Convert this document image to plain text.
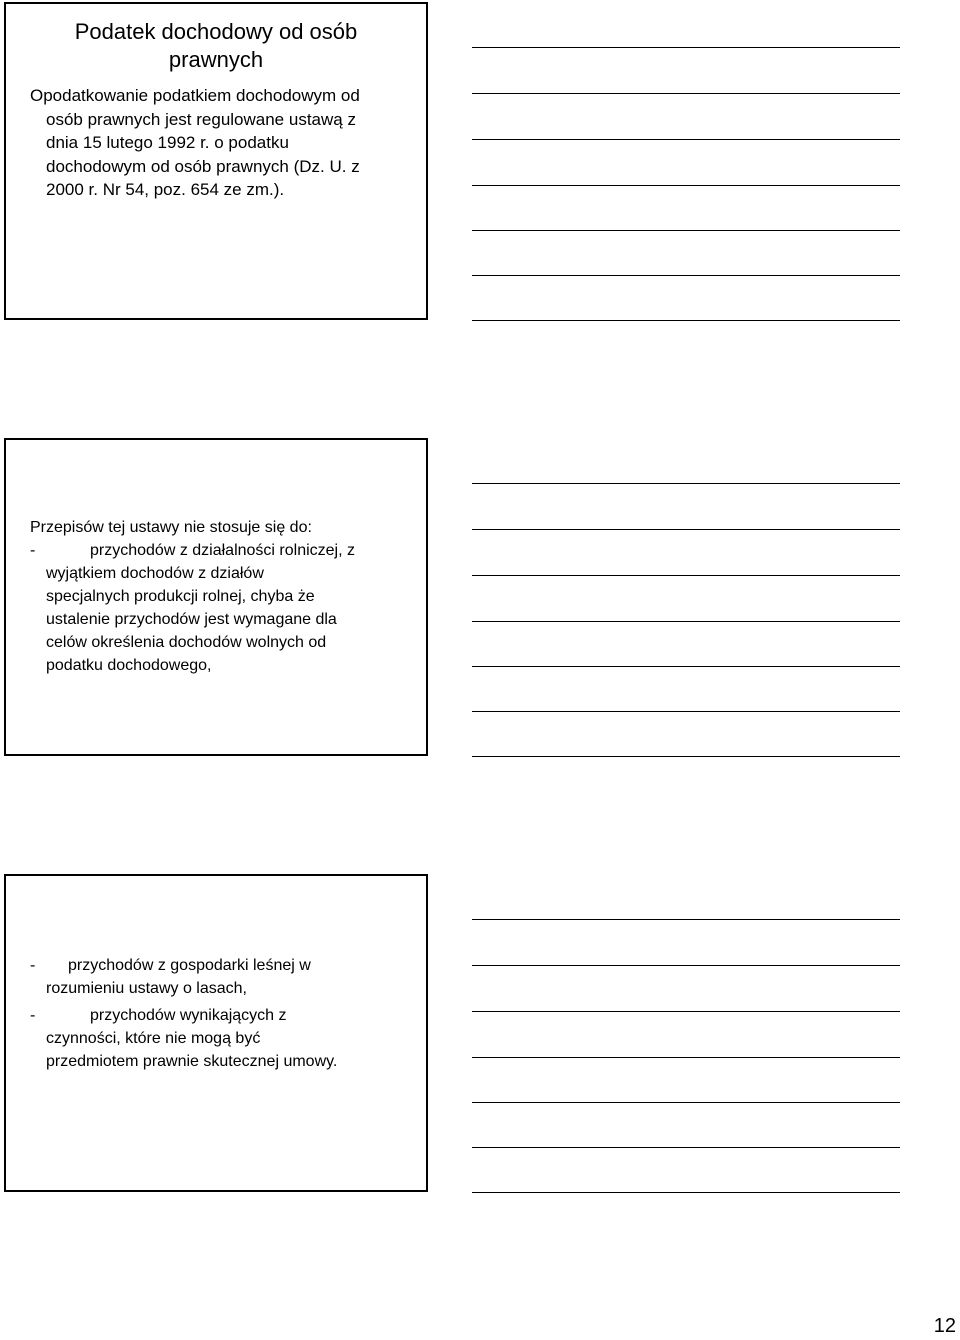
Podatek dochodowy od osób
prawnych

Opodatkowanie podatkiem dochodowym od
osób prawnych jest regulowane ustawą z
dnia 15 lutego 1992 r. o podatku
dochodowym od osób prawnych (Dz. U. z
2000 r. Nr 54, poz. 654 ze zm.).

Przepisów tej ustawy nie stosuje się do:
-	przychodów z działalności rolniczej, z
wyjątkiem dochodów z działów
specjalnych produkcji rolnej, chyba że
ustalenie przychodów jest wymagane dla
celów określenia dochodów wolnych od
podatku dochodowego,
- przychodów z gospodarki leśnej w
rozumieniu ustawy o lasach,
-	przychodów wynikających z
czynności, które nie mogą być
przedmiotem prawnie skutecznej umowy.
12
